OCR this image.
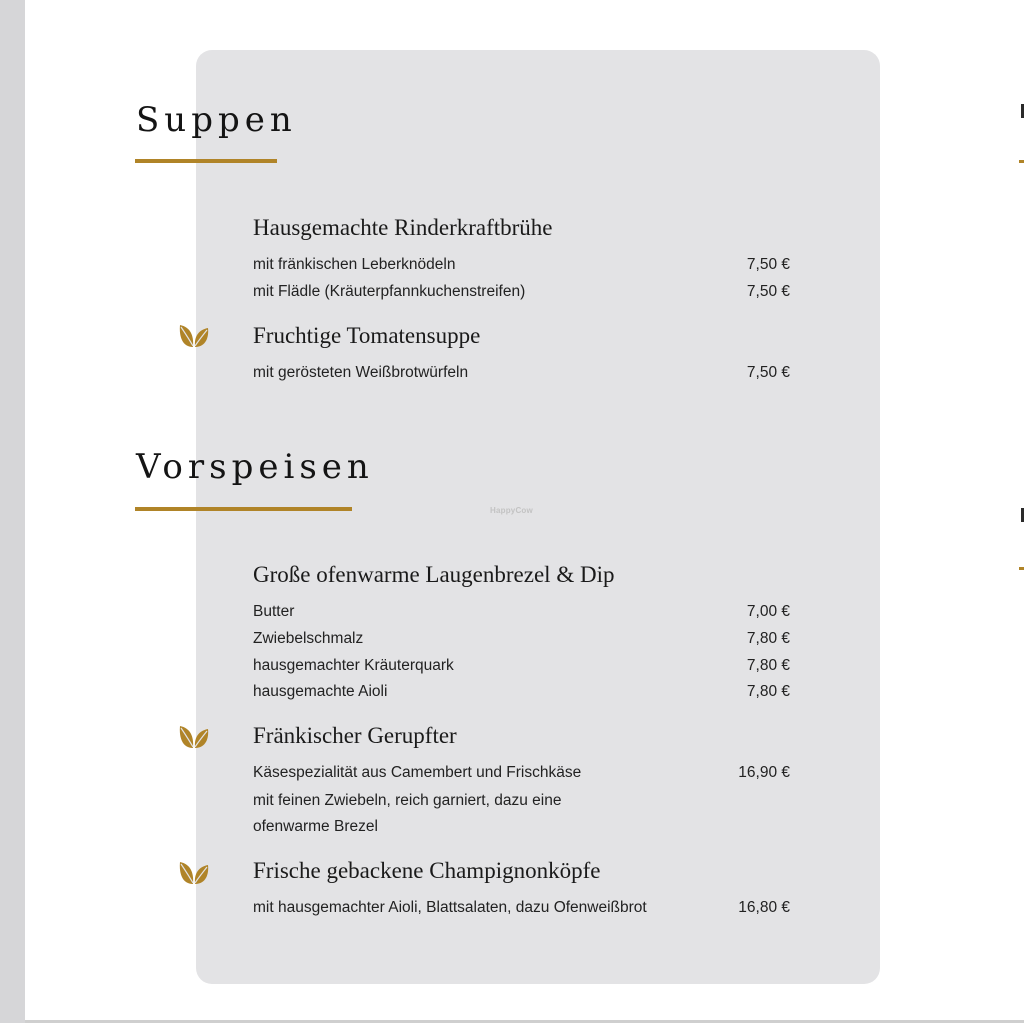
Suppen
Hausgemachte Rinderkraftbrühe
mit fränkischen Leberknödeln	7,50 €
mit Flädle (Kräuterpfannkuchenstreifen)	7,50 €
Fruchtige Tomatensuppe
mit gerösteten Weißbrotwürfeln	7,50 €
Vorspeisen
HappyCow
Große ofenwarme Laugenbrezel & Dip
Butter	7,00 €
Zwiebelschmalz	7,80 €
hausgemachter Kräuterquark	7,80 €
hausgemachte Aioli	7,80 €
Fränkischer Gerupfter
Käsespezialität aus Camembert und Frischkäse	16,90 €
mit feinen Zwiebeln, reich garniert, dazu eine
ofenwarme Brezel
Frische gebackene Champignonköpfe
mit hausgemachter Aioli, Blattsalaten, dazu Ofenweißbrot	16,80 €
